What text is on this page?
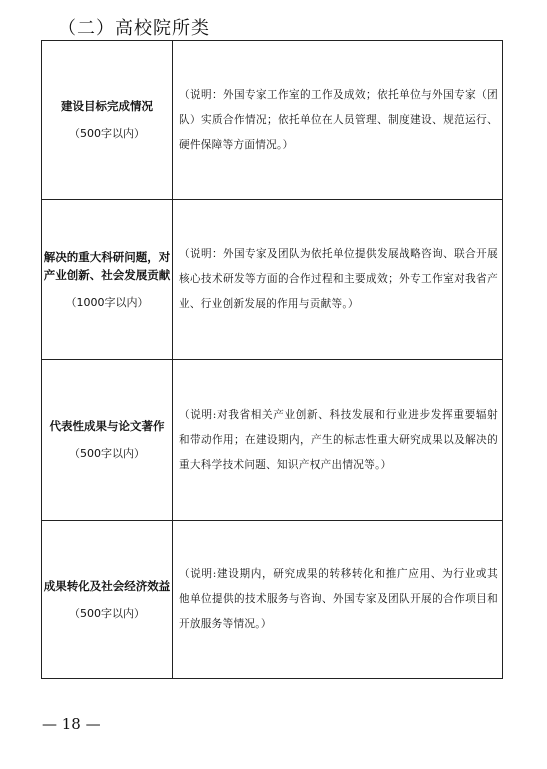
（二）高校院所类
建设目标完成情况
（500字以内）	（说明：外国专家工作室的工作及成效；依托单位与外国专家（团队）实质合作情况；依托单位在人员管理、制度建设、规范运行、硬件保障等方面情况。）

解决的重大科研问题，对产业创新、社会发展贡献
（1000字以内）	（说明：外国专家及团队为依托单位提供发展战略咨询、联合开展核心技术研发等方面的合作过程和主要成效；外专工作室对我省产业、行业创新发展的作用与贡献等。）

代表性成果与论文著作
（500字以内）	（说明:对我省相关产业创新、科技发展和行业进步发挥重要辐射和带动作用；在建设期内，产生的标志性重大研究成果以及解决的重大科学技术问题、知识产权产出情况等。）

成果转化及社会经济效益
（500字以内）	（说明:建设期内，研究成果的转移转化和推广应用、为行业或其他单位提供的技术服务与咨询、外国专家及团队开展的合作项目和开放服务等情况。）
— 18 —
